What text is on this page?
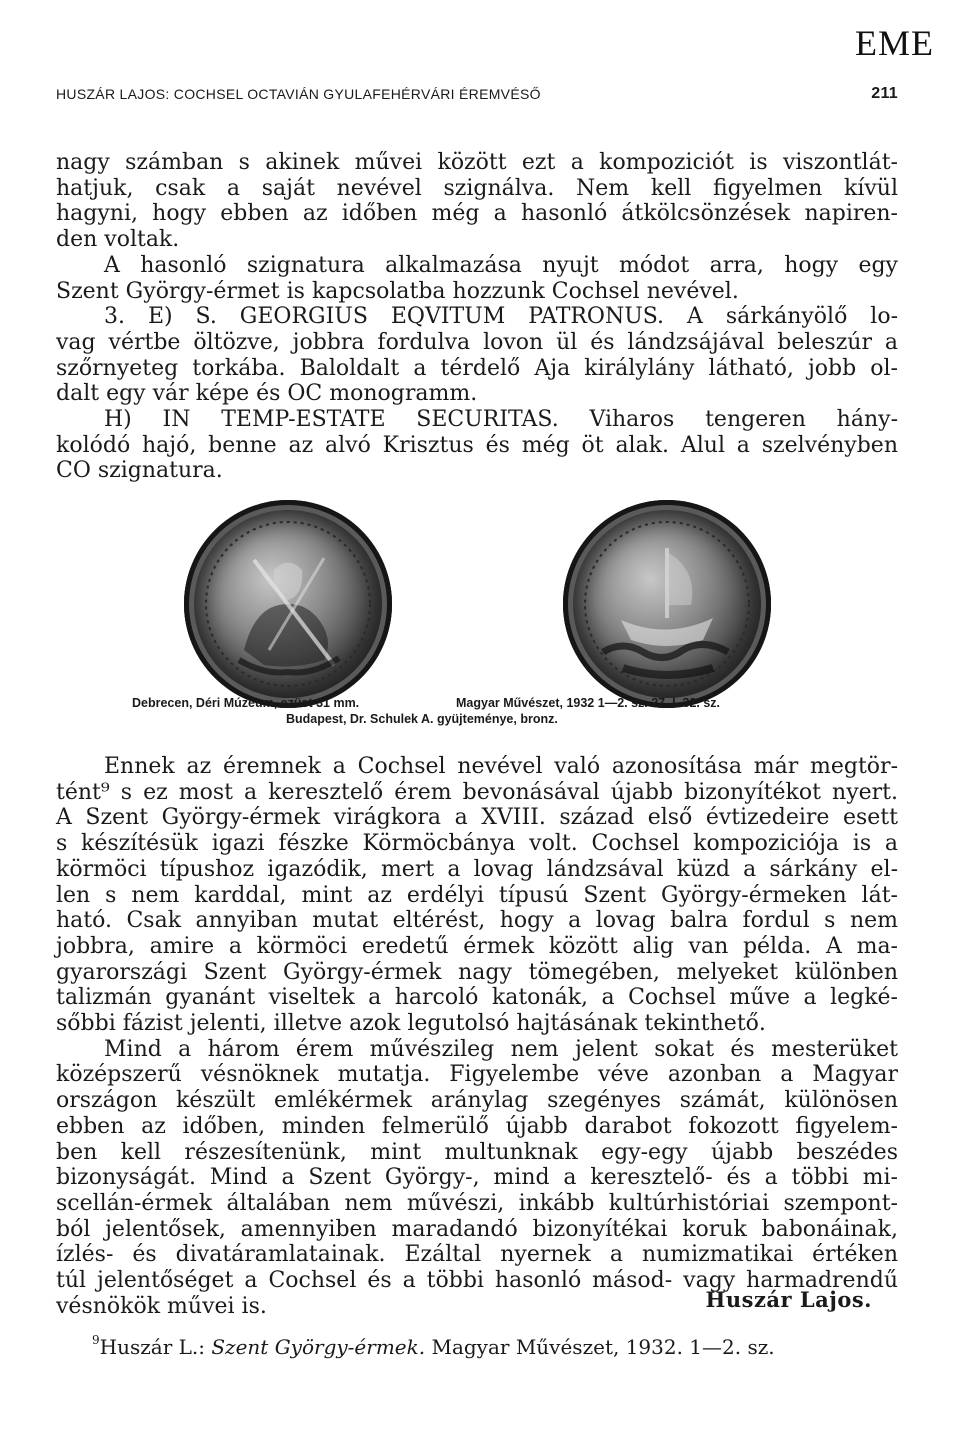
EME
HUSZÁR LAJOS: COCHSEL OCTAVIÁN GYULAFEHÉRVÁRI ÉREMVÉSŐ	211
nagy számban s akinek művei között ezt a kompoziciót is viszontlát-
hatjuk, csak a saját nevével szignálva. Nem kell figyelmen kívül
hagyni, hogy ebben az időben még a hasonló átkölcsönzések napiren-
den voltak.
A hasonló szignatura alkalmazása nyujt módot arra, hogy egy
Szent György-érmet is kapcsolatba hozzunk Cochsel nevével.
3. E) S. GEORGIUS EQVITUM PATRONUS. A sárkányölő lo-
vag vértbe öltözve, jobbra fordulva lovon ül és lándzsájával beleszúr a
szőrnyeteg torkába. Baloldalt a térdelő Aja királylány látható, jobb ol-
dalt egy vár képe és OC monogramm.
H) IN TEMP-ESTATE SECURITAS. Viharos tengeren hány-
kolódó hajó, benne az alvó Krisztus és még öt alak. Alul a szelvényben
CO szignatura.
Debrecen, Déri Múzeum, ezüst 31 mm.	Magyar Művészet, 1932 1—2. sz. 27. l. 32. sz.
Budapest, Dr. Schulek A. gyüjteménye, bronz.
Ennek az éremnek a Cochsel nevével való azonosítása már megtör-
tént⁹ s ez most a keresztelő érem bevonásával újabb bizonyítékot nyert.
A Szent György-érmek virágkora a XVIII. század első évtizedeire esett
s készítésük igazi fészke Körmöcbánya volt. Cochsel kompoziciója is a
körmöci típushoz igazódik, mert a lovag lándzsával küzd a sárkány el-
len s nem karddal, mint az erdélyi típusú Szent György-érmeken lát-
ható. Csak annyiban mutat eltérést, hogy a lovag balra fordul s nem
jobbra, amire a körmöci eredetű érmek között alig van példa. A ma-
gyarországi Szent György-érmek nagy tömegében, melyeket különben
talizmán gyanánt viseltek a harcoló katonák, a Cochsel műve a legké-
sőbbi fázist jelenti, illetve azok legutolsó hajtásának tekinthető.
Mind a három érem művészileg nem jelent sokat és mesterüket
középszerű vésnöknek mutatja. Figyelembe véve azonban a Magyar
országon készült emlékérmek aránylag szegényes számát, különösen
ebben az időben, minden felmerülő újabb darabot fokozott figyelem-
ben kell részesítenünk, mint multunknak egy-egy újabb beszédes
bizonyságát. Mind a Szent György-, mind a keresztelő- és a többi mi-
scellán-érmek általában nem művészi, inkább kultúrhistóriai szempont-
ból jelentősek, amennyiben maradandó bizonyítékai koruk babonáinak,
ízlés- és divatáramlatainak. Ezáltal nyernek a numizmatikai értéken
túl jelentőséget a Cochsel és a többi hasonló másod- vagy harmadrendű
vésnökök művei is.	Huszár Lajos.
$^9$Huszár L.: Szent György-érmek. Magyar Művészet, 1932. 1—2. sz.
